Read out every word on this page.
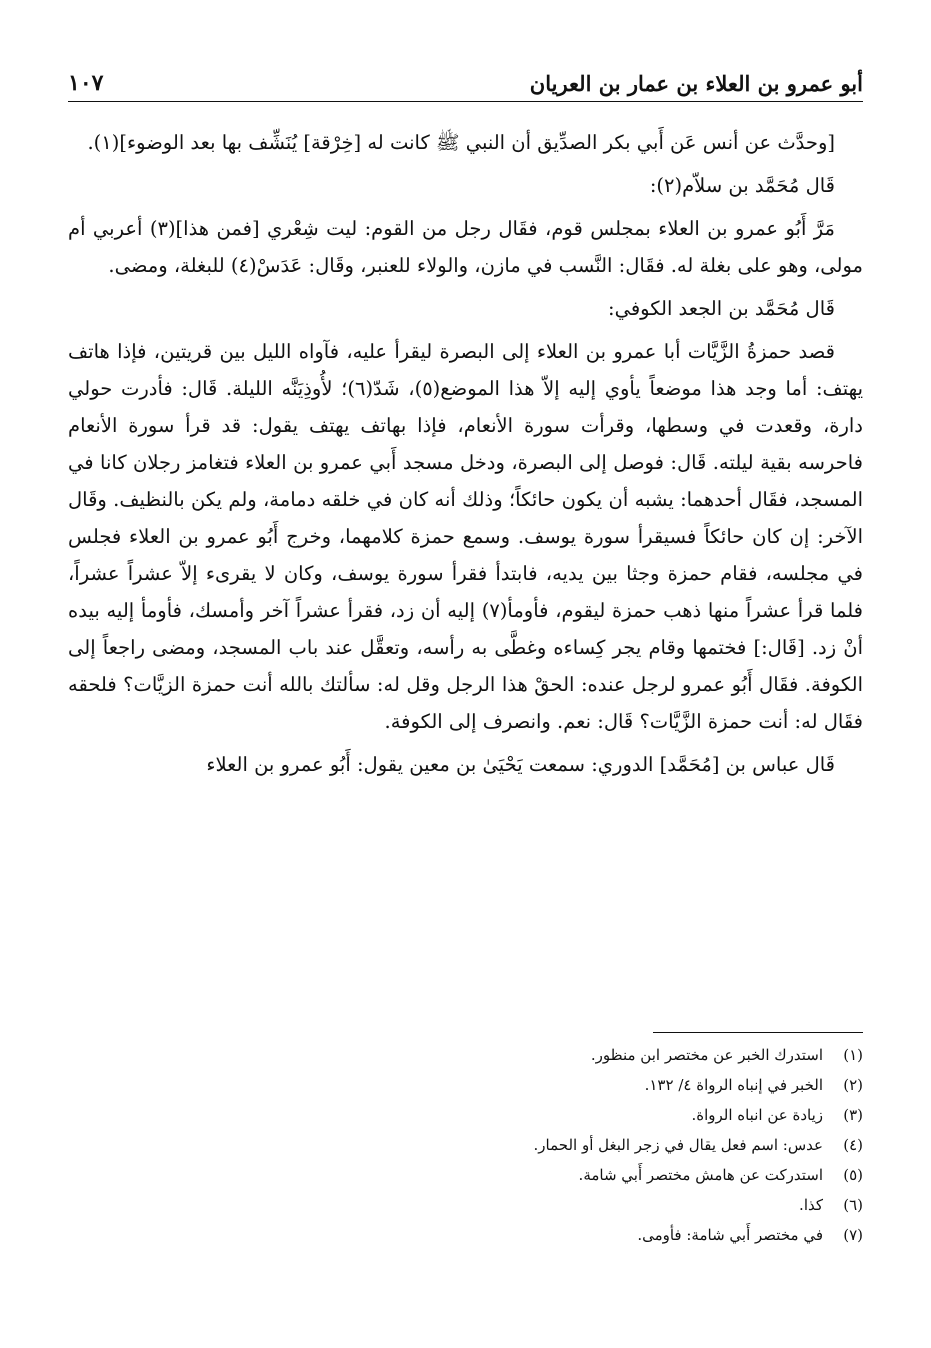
أبو عمرو بن العلاء بن عمار بن العريان
١٠٧

[وحدَّث عن أنس عَن أَبي بكر الصدِّيق أن النبي ﷺ كانت له [خِرْقة] يُنَشِّف بها بعد الوضوء](١).

قَال مُحَمَّد بن سلاّم(٢):

مَرَّ أَبُو عمرو بن العلاء بمجلس قوم، فقَال رجل من القوم: ليت شِعْري [فمن هذا](٣) أعربي أم مولى، وهو على بغلة له. فقَال: النَّسب في مازن، والولاء للعنبر، وقَال: عَدَسْ(٤) للبغلة، ومضى.

قَال مُحَمَّد بن الجعد الكوفي:

قصد حمزةُ الزَّيَّات أبا عمرو بن العلاء إلى البصرة ليقرأ عليه، فآواه الليل بين قريتين، فإذا هاتف يهتف: أما وجد هذا موضعاً يأوي إليه إلاّ هذا الموضع(٥)، شَدّ(٦)؛ لأُوذِيَنَّه الليلة. قَال: فأدرت حولي دارة، وقعدت في وسطها، وقرأت سورة الأنعام، فإذا بهاتف يهتف يقول: قد قرأ سورة الأنعام فاحرسه بقية ليلته. قَال: فوصل إلى البصرة، ودخل مسجد أَبي عمرو بن العلاء فتغامز رجلان كانا في المسجد، فقَال أحدهما: يشبه أن يكون حائكاً؛ وذلك أنه كان في خلقه دمامة، ولم يكن بالنظيف. وقَال الآخر: إن كان حائكاً فسيقرأ سورة يوسف. وسمع حمزة كلامهما، وخرج أَبُو عمرو بن العلاء فجلس في مجلسه، فقام حمزة وجثا بين يديه، فابتدأ فقرأ سورة يوسف، وكان لا يقرىء إلاّ عشراً عشراً، فلما قرأ عشراً منها ذهب حمزة ليقوم، فأومأ(٧) إليه أن زد، فقرأ عشراً آخر وأمسك، فأومأ إليه بيده أنْ زد. [قَال:] فختمها وقام يجر كِساءه وغطَّى به رأسه، وتعقَّل عند باب المسجد، ومضى راجعاً إلى الكوفة. فقَال أَبُو عمرو لرجل عنده: الحقْ هذا الرجل وقل له: سألتك بالله أنت حمزة الزيَّات؟ فلحقه فقَال له: أنت حمزة الزَّيَّات؟ قَال: نعم. وانصرف إلى الكوفة.

قَال عباس بن [مُحَمَّد] الدوري: سمعت يَحْيَىٰ بن معين يقول: أَبُو عمرو بن العلاء

(١)
استدرك الخبر عن مختصر ابن منظور.
(٢)
الخبر في إنباه الرواة ٤/ ١٣٢.
(٣)
زيادة عن انباه الرواة.
(٤)
عدس: اسم فعل يقال في زجر البغل أو الحمار.
(٥)
استدركت عن هامش مختصر أَبي شامة.
(٦)
كذا.
(٧)
في مختصر أَبي شامة: فأومى.
